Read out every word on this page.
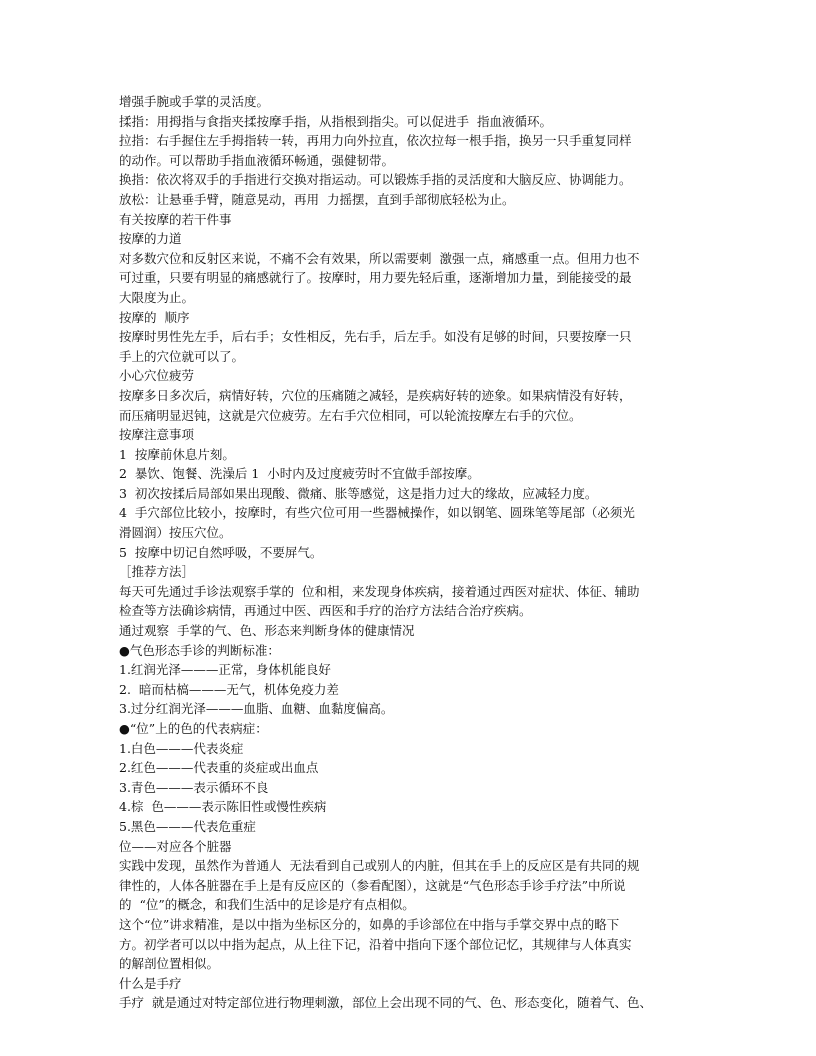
增强手腕或手掌的灵活度。
揉指：用拇指与食指夹揉按摩手指，从指根到指尖。可以促进手  指血液循环。
拉指：右手握住左手拇指转一转，再用力向外拉直，依次拉每一根手指，换另一只手重复同样
的动作。可以帮助手指血液循环畅通，强健韧带。
换指：依次将双手的手指进行交换对指运动。可以锻炼手指的灵活度和大脑反应、协调能力。
放松：让悬垂手臂，随意晃动，再用  力摇摆，直到手部彻底轻松为止。
有关按摩的若干件事
按摩的力道
对多数穴位和反射区来说，不痛不会有效果，所以需要刺  激强一点，痛感重一点。但用力也不
可过重，只要有明显的痛感就行了。按摩时，用力要先轻后重，逐渐增加力量，到能接受的最
大限度为止。
按摩的  顺序
按摩时男性先左手，后右手；女性相反，先右手，后左手。如没有足够的时间，只要按摩一只
手上的穴位就可以了。
小心穴位疲劳
按摩多日多次后，病情好转，穴位的压痛随之减轻，是疾病好转的迹象。如果病情没有好转，
而压痛明显迟钝，这就是穴位疲劳。左右手穴位相同，可以轮流按摩左右手的穴位。
按摩注意事项
1  按摩前休息片刻。
2  暴饮、饱餐、洗澡后 1  小时内及过度疲劳时不宜做手部按摩。
3  初次按揉后局部如果出现酸、微痛、胀等感觉，这是指力过大的缘故，应减轻力度。
4  手穴部位比较小，按摩时，有些穴位可用一些器械操作，如以钢笔、圆珠笔等尾部（必须光
滑圆润）按压穴位。
5  按摩中切记自然呼吸，不要屏气。
［推荐方法］
每天可先通过手诊法观察手掌的  位和相，来发现身体疾病，接着通过西医对症状、体征、辅助
检查等方法确诊病情，再通过中医、西医和手疗的治疗方法结合治疗疾病。
通过观察  手掌的气、色、形态来判断身体的健康情况
●气色形态手诊的判断标准：
1.红润光泽———正常，身体机能良好
2.  暗而枯槁———无气，机体免疫力差
3.过分红润光泽———血脂、血糖、血黏度偏高。
●“位”上的色的代表病症：
1.白色———代表炎症
2.红色———代表重的炎症或出血点
3.青色———表示循环不良
4.棕  色———表示陈旧性或慢性疾病
5.黑色———代表危重症
位——对应各个脏器
实践中发现，虽然作为普通人  无法看到自己或别人的内脏，但其在手上的反应区是有共同的规
律性的，人体各脏器在手上是有反应区的（参看配图），这就是“气色形态手诊手疗法”中所说
的  “位”的概念，和我们生活中的足诊是疗有点相似。
这个“位”讲求精准，是以中指为坐标区分的，如鼻的手诊部位在中指与手掌交界中点的略下
方。初学者可以以中指为起点，从上往下记，沿着中指向下逐个部位记忆，其规律与人体真实
的解剖位置相似。
什么是手疗
手疗  就是通过对特定部位进行物理刺激，部位上会出现不同的气、色、形态变化，随着气、色、
